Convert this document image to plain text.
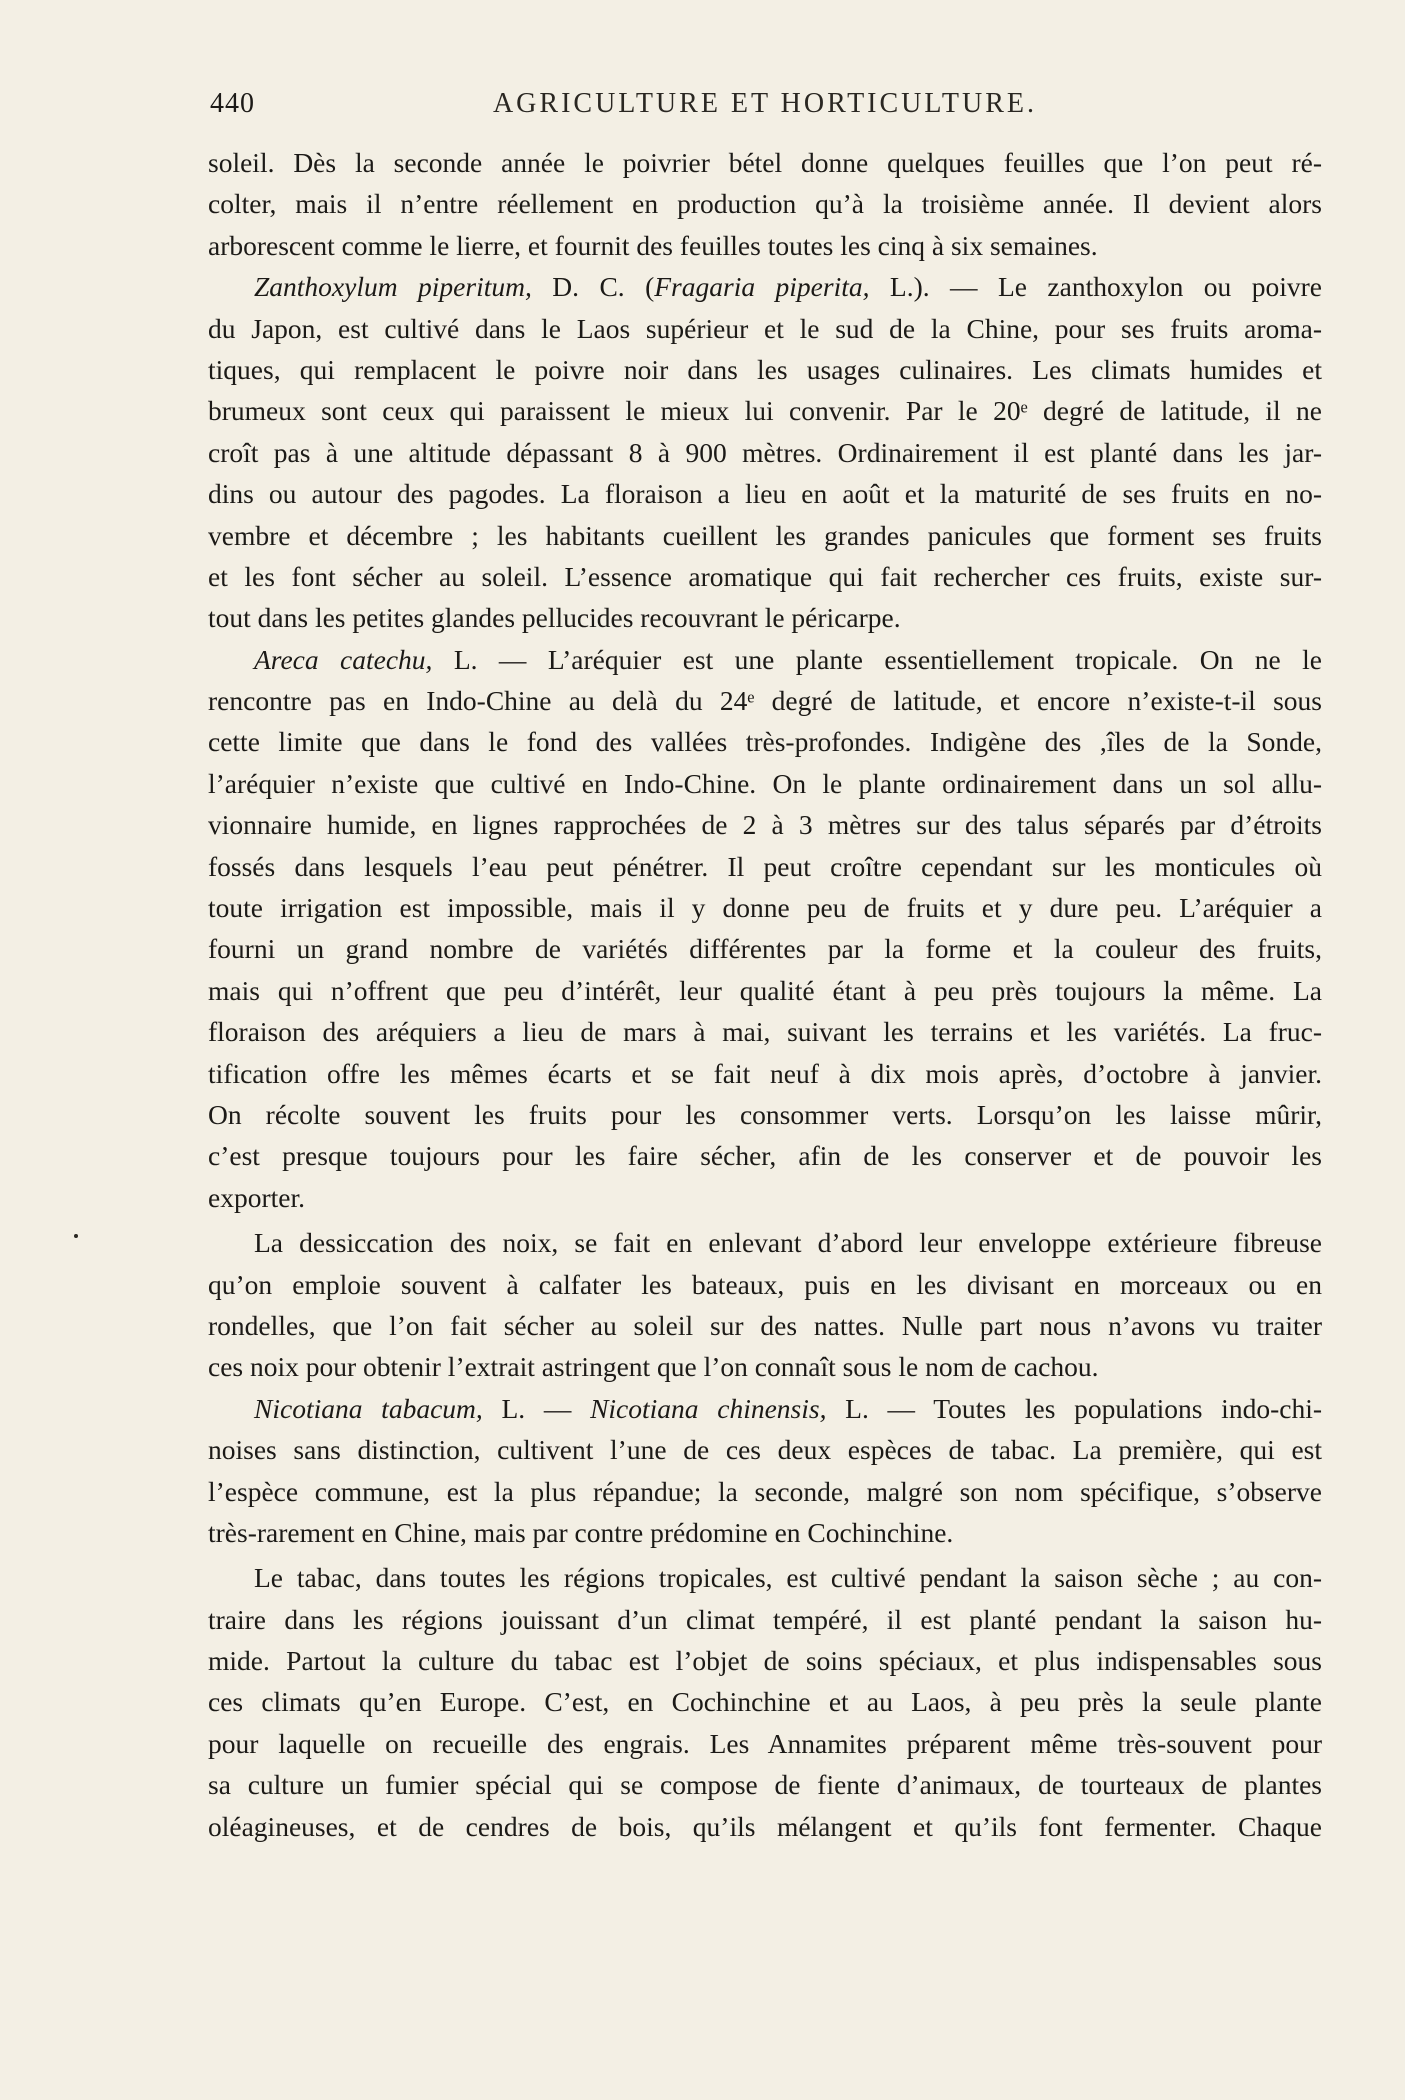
440	AGRICULTURE ET HORTICULTURE.
soleil. Dès la seconde année le poivrier bétel donne quelques feuilles que l’on peut ré-
colter, mais il n’entre réellement en production qu’à la troisième année. Il devient alors
arborescent comme le lierre, et fournit des feuilles toutes les cinq à six semaines.
Zanthoxylum piperitum, D. C. (Fragaria piperita, L.). — Le zanthoxylon ou poivre
du Japon, est cultivé dans le Laos supérieur et le sud de la Chine, pour ses fruits aroma-
tiques, qui remplacent le poivre noir dans les usages culinaires. Les climats humides et
brumeux sont ceux qui paraissent le mieux lui convenir. Par le 20ᵉ degré de latitude, il ne
croît pas à une altitude dépassant 8 à 900 mètres. Ordinairement il est planté dans les jar-
dins ou autour des pagodes. La floraison a lieu en août et la maturité de ses fruits en no-
vembre et décembre ; les habitants cueillent les grandes panicules que forment ses fruits
et les font sécher au soleil. L’essence aromatique qui fait rechercher ces fruits, existe sur-
tout dans les petites glandes pellucides recouvrant le péricarpe.
Areca catechu, L. — L’aréquier est une plante essentiellement tropicale. On ne le
rencontre pas en Indo-Chine au delà du 24ᵉ degré de latitude, et encore n’existe-t-il sous
cette limite que dans le fond des vallées très-profondes. Indigène des ,îles de la Sonde,
l’aréquier n’existe que cultivé en Indo-Chine. On le plante ordinairement dans un sol allu-
vionnaire humide, en lignes rapprochées de 2 à 3 mètres sur des talus séparés par d’étroits
fossés dans lesquels l’eau peut pénétrer. Il peut croître cependant sur les monticules où
toute irrigation est impossible, mais il y donne peu de fruits et y dure peu. L’aréquier a
fourni un grand nombre de variétés différentes par la forme et la couleur des fruits,
mais qui n’offrent que peu d’intérêt, leur qualité étant à peu près toujours la même. La
floraison des aréquiers a lieu de mars à mai, suivant les terrains et les variétés. La fruc-
tification offre les mêmes écarts et se fait neuf à dix mois après, d’octobre à janvier.
On récolte souvent les fruits pour les consommer verts. Lorsqu’on les laisse mûrir,
c’est presque toujours pour les faire sécher, afin de les conserver et de pouvoir les
exporter.
La dessiccation des noix, se fait en enlevant d’abord leur enveloppe extérieure fibreuse
qu’on emploie souvent à calfater les bateaux, puis en les divisant en morceaux ou en
rondelles, que l’on fait sécher au soleil sur des nattes. Nulle part nous n’avons vu traiter
ces noix pour obtenir l’extrait astringent que l’on connaît sous le nom de cachou.
Nicotiana tabacum, L. — Nicotiana chinensis, L. — Toutes les populations indo-chi-
noises sans distinction, cultivent l’une de ces deux espèces de tabac. La première, qui est
l’espèce commune, est la plus répandue; la seconde, malgré son nom spécifique, s’observe
très-rarement en Chine, mais par contre prédomine en Cochinchine.
Le tabac, dans toutes les régions tropicales, est cultivé pendant la saison sèche ; au con-
traire dans les régions jouissant d’un climat tempéré, il est planté pendant la saison hu-
mide. Partout la culture du tabac est l’objet de soins spéciaux, et plus indispensables sous
ces climats qu’en Europe. C’est, en Cochinchine et au Laos, à peu près la seule plante
pour laquelle on recueille des engrais. Les Annamites préparent même très-souvent pour
sa culture un fumier spécial qui se compose de fiente d’animaux, de tourteaux de plantes
oléagineuses, et de cendres de bois, qu’ils mélangent et qu’ils font fermenter. Chaque
